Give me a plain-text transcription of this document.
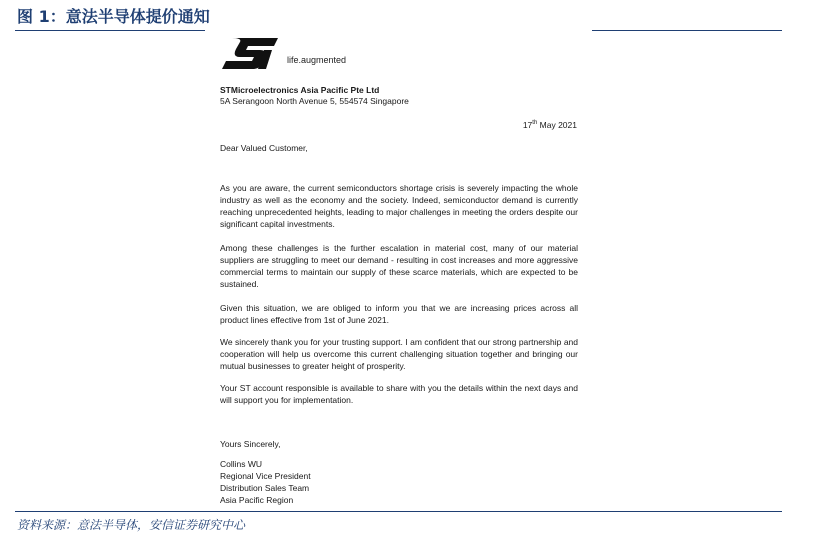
图 1：意法半导体提价通知
life.augmented
STMicroelectronics Asia Pacific Pte Ltd
5A Serangoon North Avenue 5, 554574 Singapore
17th May 2021
Dear Valued Customer,
As you are aware, the current semiconductors shortage crisis is severely impacting the whole industry as well as the economy and the society. Indeed, semiconductor demand is currently reaching unprecedented heights, leading to major challenges in meeting the orders despite our significant capital investments.
Among these challenges is the further escalation in material cost, many of our material suppliers are struggling to meet our demand - resulting in cost increases and more aggressive commercial terms to maintain our supply of these scarce materials, which are expected to be sustained.
Given this situation, we are obliged to inform you that we are increasing prices across all product lines effective from 1st of June 2021.
We sincerely thank you for your trusting support. I am confident that our strong partnership and cooperation will help us overcome this current challenging situation together and bringing our mutual businesses to greater height of prosperity.
Your ST account responsible is available to share with you the details within the next days and will support you for implementation.
Yours Sincerely,
Collins WU
Regional Vice President
Distribution Sales Team
Asia Pacific Region
资料来源：意法半导体，安信证券研究中心
